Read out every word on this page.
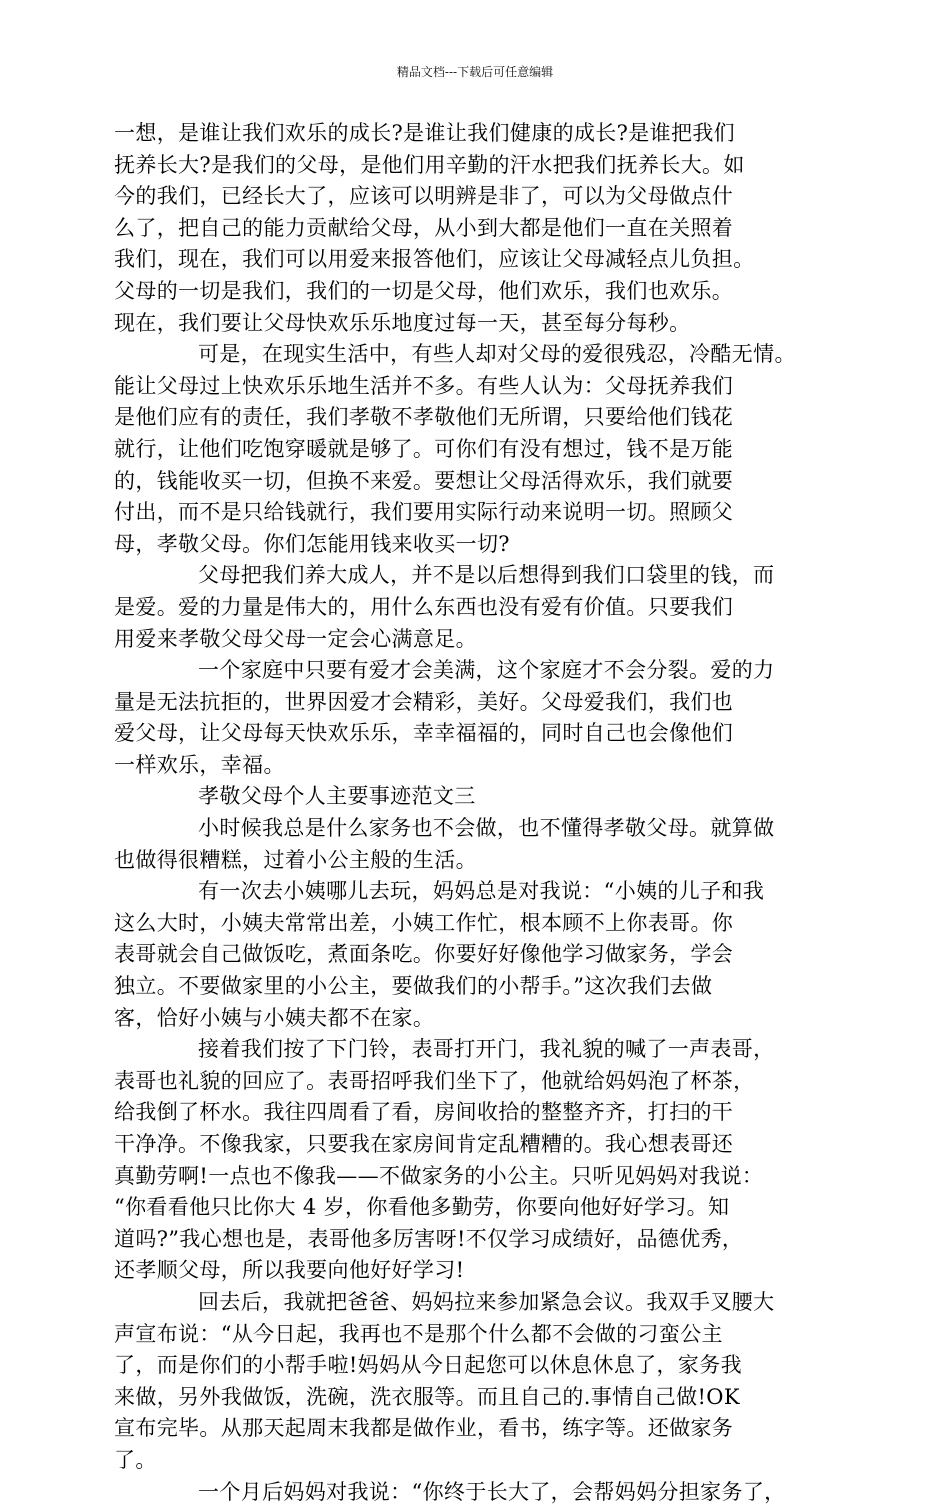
精品文档---下载后可任意编辑
一想，是谁让我们欢乐的成长?是谁让我们健康的成长?是谁把我们
抚养长大?是我们的父母，是他们用辛勤的汗水把我们抚养长大。如
今的我们，已经长大了，应该可以明辨是非了，可以为父母做点什
么了，把自己的能力贡献给父母，从小到大都是他们一直在关照着
我们，现在，我们可以用爱来报答他们，应该让父母减轻点儿负担。
父母的一切是我们，我们的一切是父母，他们欢乐，我们也欢乐。
现在，我们要让父母快欢乐乐地度过每一天，甚至每分每秒。
可是，在现实生活中，有些人却对父母的爱很残忍，冷酷无情。
能让父母过上快欢乐乐地生活并不多。有些人认为：父母抚养我们
是他们应有的责任，我们孝敬不孝敬他们无所谓，只要给他们钱花
就行，让他们吃饱穿暖就是够了。可你们有没有想过，钱不是万能
的，钱能收买一切，但换不来爱。要想让父母活得欢乐，我们就要
付出，而不是只给钱就行，我们要用实际行动来说明一切。照顾父
母，孝敬父母。你们怎能用钱来收买一切?
父母把我们养大成人，并不是以后想得到我们口袋里的钱，而
是爱。爱的力量是伟大的，用什么东西也没有爱有价值。只要我们
用爱来孝敬父母父母一定会心满意足。
一个家庭中只要有爱才会美满，这个家庭才不会分裂。爱的力
量是无法抗拒的，世界因爱才会精彩，美好。父母爱我们，我们也
爱父母，让父母每天快欢乐乐，幸幸福福的，同时自己也会像他们
一样欢乐，幸福。
孝敬父母个人主要事迹范文三
小时候我总是什么家务也不会做，也不懂得孝敬父母。就算做
也做得很糟糕，过着小公主般的生活。
有一次去小姨哪儿去玩，妈妈总是对我说：“小姨的儿子和我
这么大时，小姨夫常常出差，小姨工作忙，根本顾不上你表哥。你
表哥就会自己做饭吃，煮面条吃。你要好好像他学习做家务，学会
独立。不要做家里的小公主，要做我们的小帮手。”这次我们去做
客，恰好小姨与小姨夫都不在家。
接着我们按了下门铃，表哥打开门，我礼貌的喊了一声表哥，
表哥也礼貌的回应了。表哥招呼我们坐下了，他就给妈妈泡了杯茶，
给我倒了杯水。我往四周看了看，房间收拾的整整齐齐，打扫的干
干净净。不像我家，只要我在家房间肯定乱糟糟的。我心想表哥还
真勤劳啊!一点也不像我——不做家务的小公主。只听见妈妈对我说：
“你看看他只比你大 4 岁，你看他多勤劳，你要向他好好学习。知
道吗?”我心想也是，表哥他多厉害呀!不仅学习成绩好，品德优秀，
还孝顺父母，所以我要向他好好学习!
回去后，我就把爸爸、妈妈拉来参加紧急会议。我双手叉腰大
声宣布说：“从今日起，我再也不是那个什么都不会做的刁蛮公主
了，而是你们的小帮手啦!妈妈从今日起您可以休息休息了，家务我
来做，另外我做饭，洗碗，洗衣服等。而且自己的.事情自己做!OK
宣布完毕。从那天起周末我都是做作业，看书，练字等。还做家务
了。
一个月后妈妈对我说：“你终于长大了，会帮妈妈分担家务了，
